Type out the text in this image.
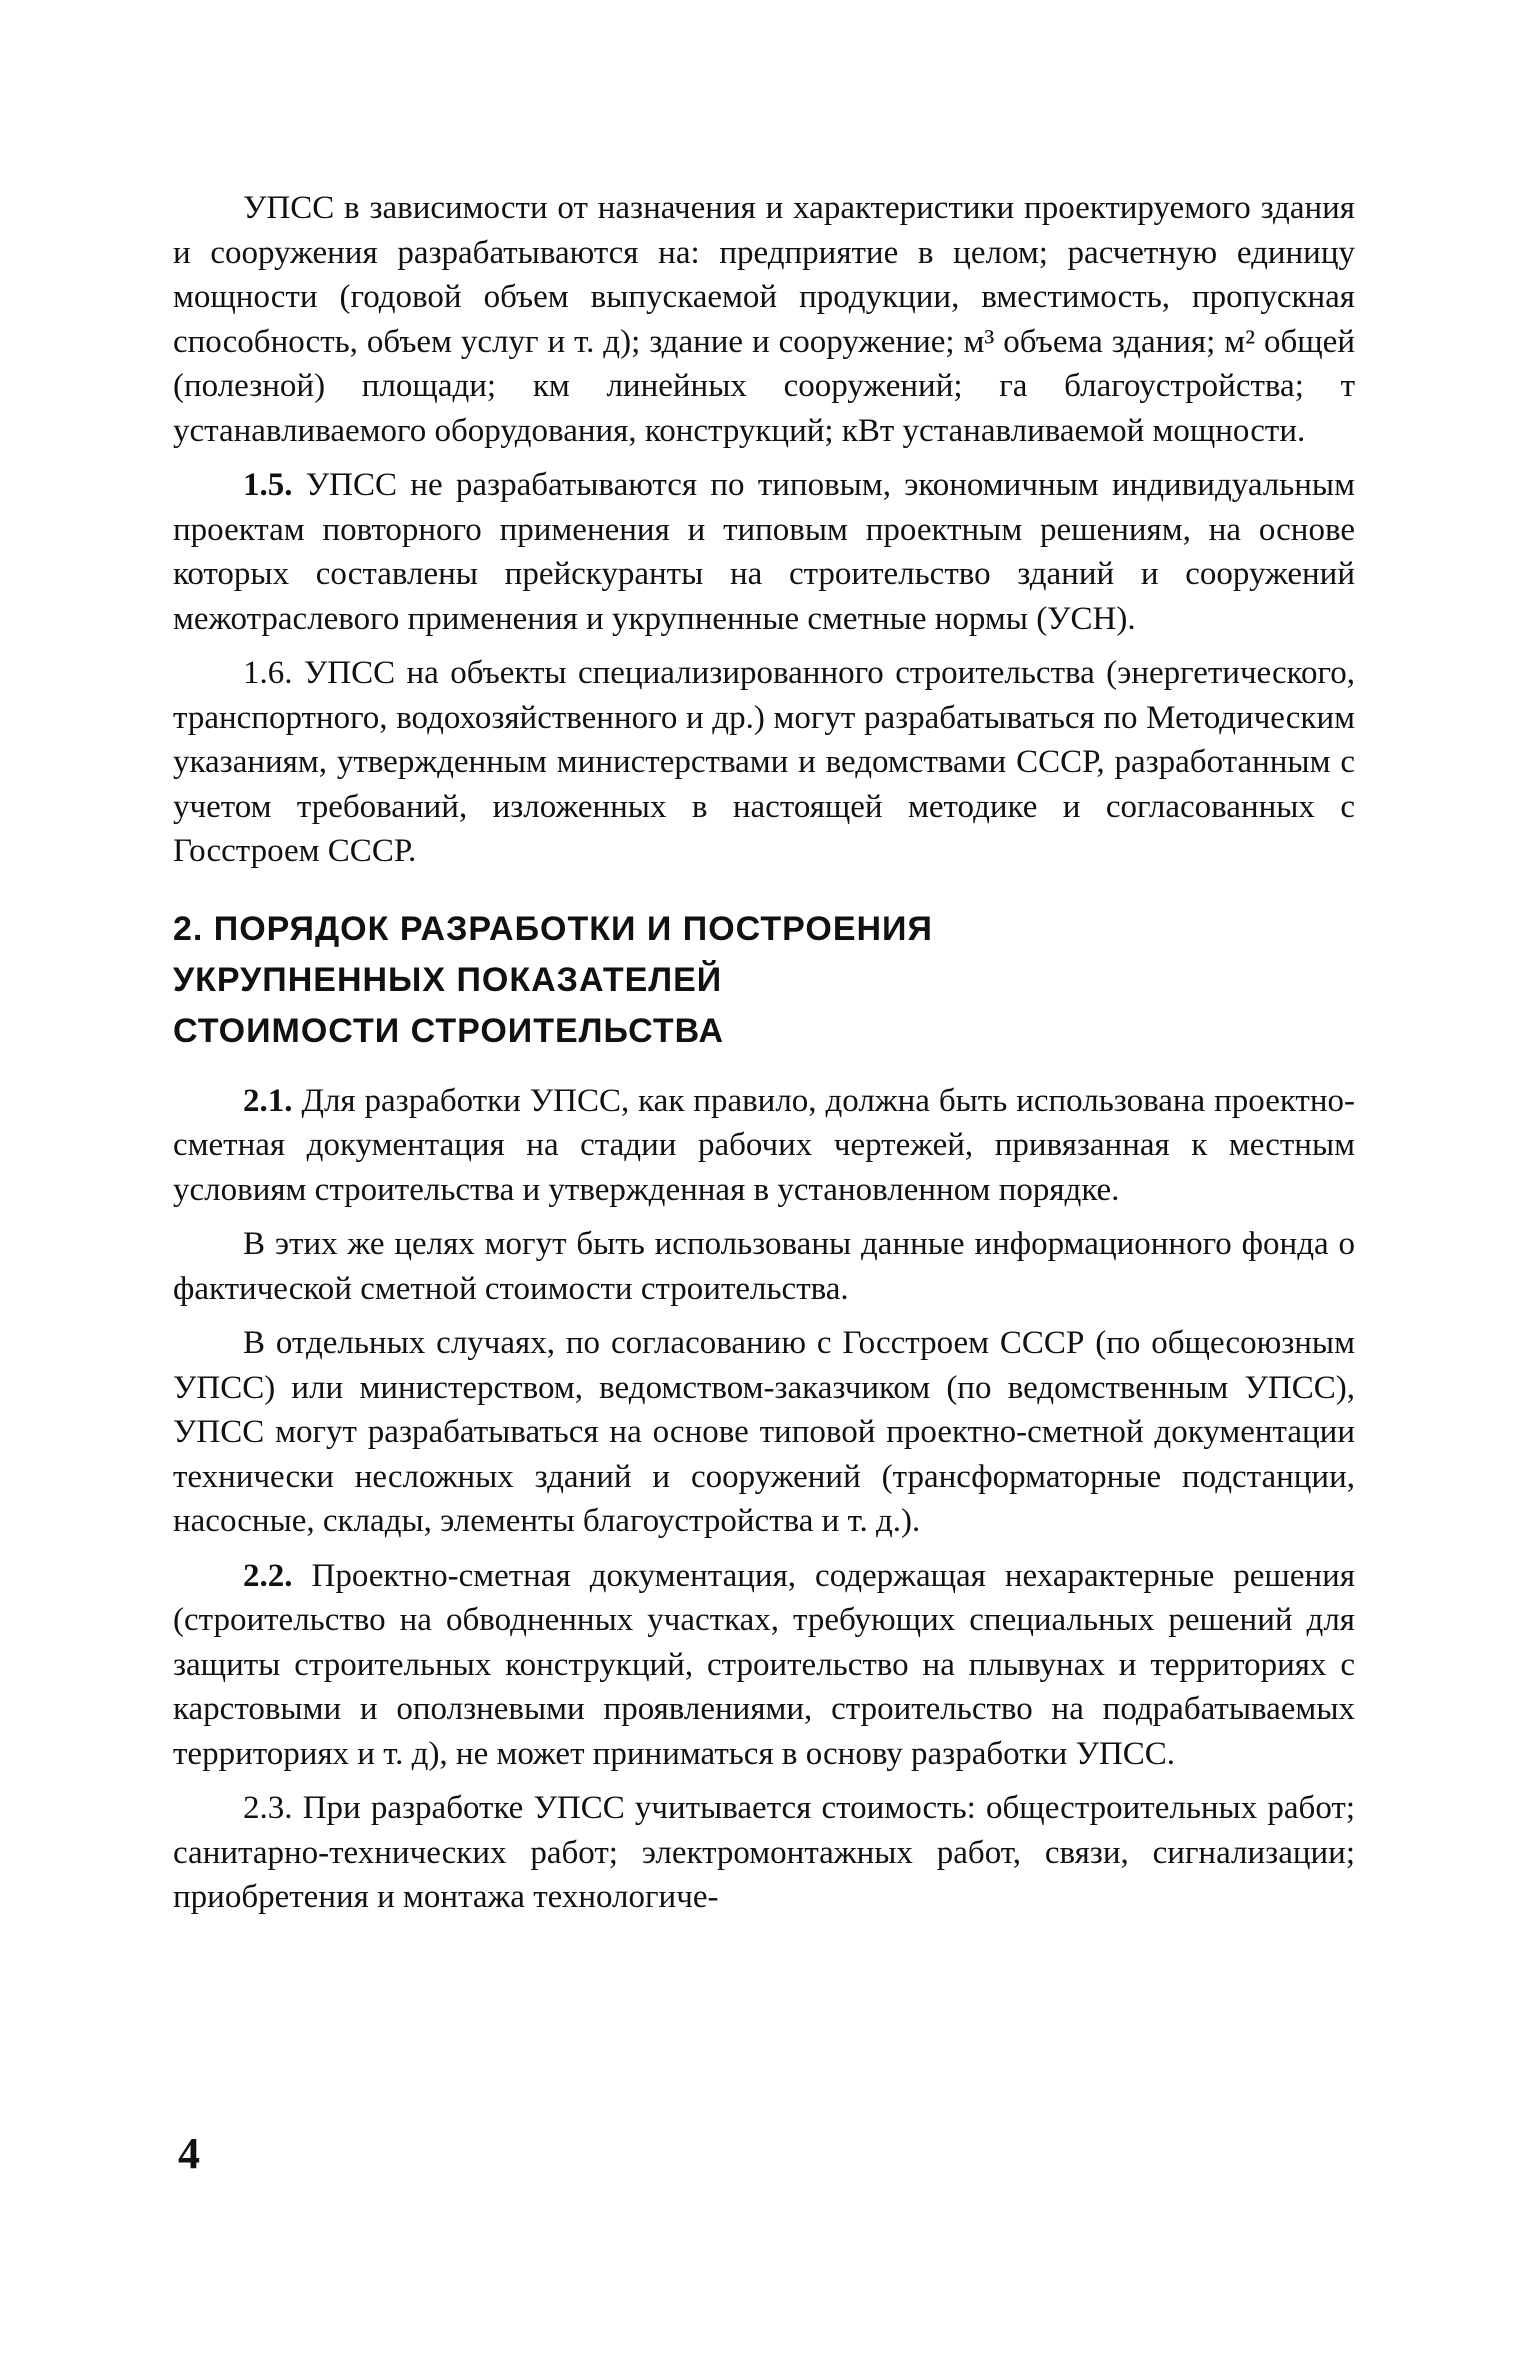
УПСС в зависимости от назначения и характеристики проектируемого здания и сооружения разрабатываются на: предприятие в целом; расчетную единицу мощности (годовой объем выпускаемой продукции, вместимость, пропускная способность, объем услуг и т. д); здание и сооружение; м³ объема здания; м² общей (полезной) площади; км линейных сооружений; га благоустройства; т устанавливаемого оборудования, конструкций; кВт устанавливаемой мощности.

1.5. УПСС не разрабатываются по типовым, экономичным индивидуальным проектам повторного применения и типовым проектным решениям, на основе которых составлены прейскуранты на строительство зданий и сооружений межотраслевого применения и укрупненные сметные нормы (УСН).

1.6. УПСС на объекты специализированного строительства (энергетического, транспортного, водохозяйственного и др.) могут разрабатываться по Методическим указаниям, утвержденным министерствами и ведомствами СССР, разработанным с учетом требований, изложенных в настоящей методике и согласованных с Госстроем СССР.

2. ПОРЯДОК РАЗРАБОТКИ И ПОСТРОЕНИЯ
УКРУПНЕННЫХ ПОКАЗАТЕЛЕЙ
СТОИМОСТИ СТРОИТЕЛЬСТВА

2.1. Для разработки УПСС, как правило, должна быть использована проектно-сметная документация на стадии рабочих чертежей, привязанная к местным условиям строительства и утвержденная в установленном порядке.

В этих же целях могут быть использованы данные информационного фонда о фактической сметной стоимости строительства.

В отдельных случаях, по согласованию с Госстроем СССР (по общесоюзным УПСС) или министерством, ведомством-заказчиком (по ведомственным УПСС), УПСС могут разрабатываться на основе типовой проектно-сметной документации технически несложных зданий и сооружений (трансформаторные подстанции, насосные, склады, элементы благоустройства и т. д.).

2.2. Проектно-сметная документация, содержащая нехарактерные решения (строительство на обводненных участках, требующих специальных решений для защиты строительных конструкций, строительство на плывунах и территориях с карстовыми и оползневыми проявлениями, строительство на подрабатываемых территориях и т. д), не может приниматься в основу разработки УПСС.

2.3. При разработке УПСС учитывается стоимость: общестроительных работ; санитарно-технических работ; электромонтажных работ, связи, сигнализации; приобретения и монтажа технологиче-

4
